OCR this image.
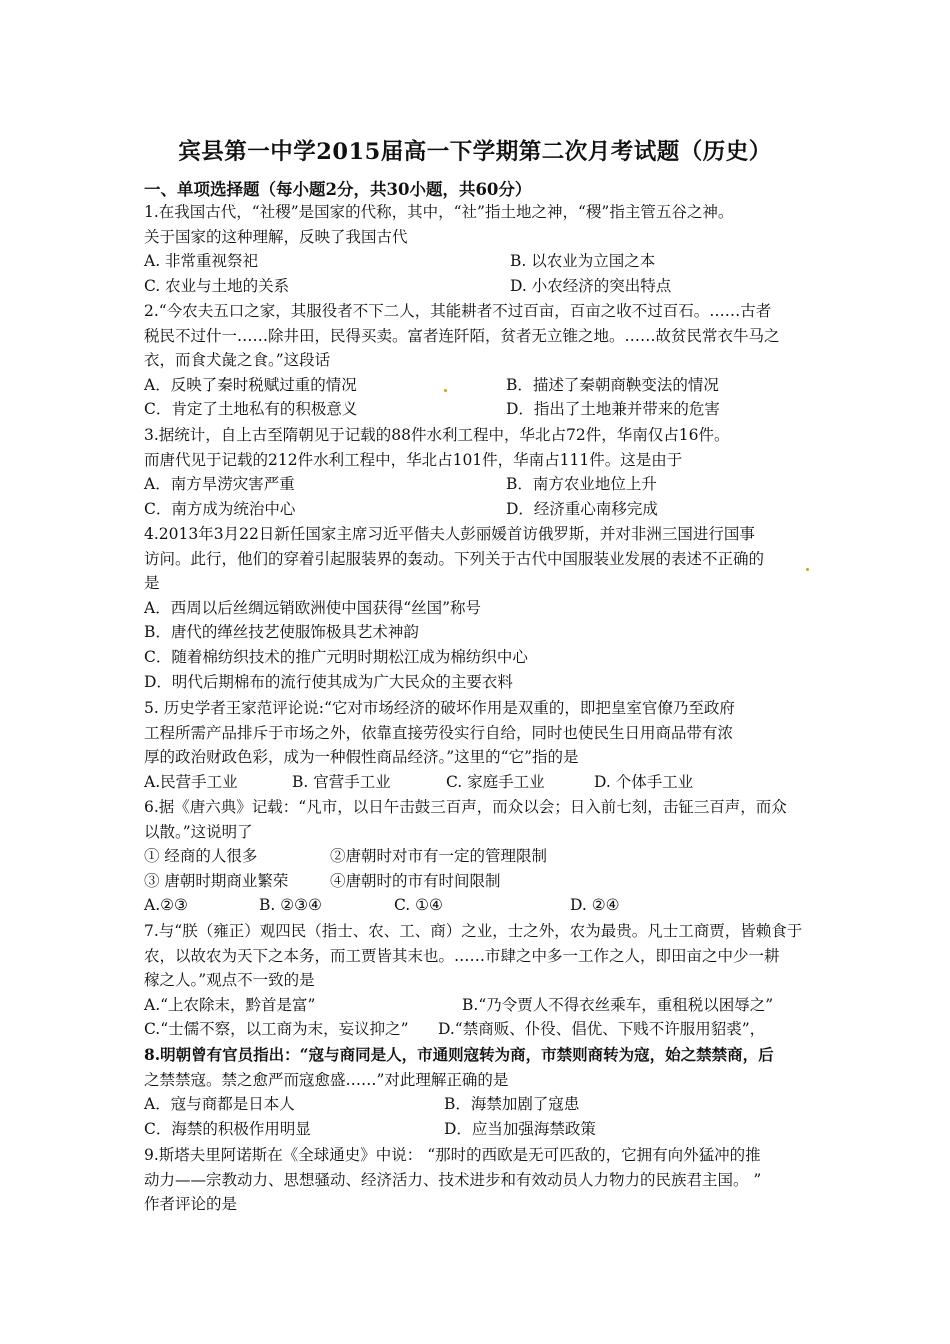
宾县第一中学2015届高一下学期第二次月考试题（历史）
一、单项选择题（每小题2分，共30小题，共60分）

1.在我国古代，“社稷”是国家的代称，其中，“社”指土地之神，“稷”指主管五谷之神。

关于国家的这种理解，反映了我国古代

A. 非常重视祭祀	B. 以农业为立国之本
C. 农业与土地的关系	D. 小农经济的突出特点

2.“今农夫五口之家，其服役者不下二人，其能耕者不过百亩，百亩之收不过百石。……古者

税民不过什一……除井田，民得买卖。富者连阡陌，贫者无立锥之地。……故贫民常衣牛马之

衣，而食犬彘之食。”这段话

A．反映了秦时税赋过重的情况	B．描述了秦朝商鞅变法的情况
C．肯定了土地私有的积极意义	D．指出了土地兼并带来的危害

3.据统计，自上古至隋朝见于记载的88件水利工程中，华北占72件，华南仅占16件。

而唐代见于记载的212件水利工程中，华北占101件，华南占111件。这是由于

A．南方旱涝灾害严重	B．南方农业地位上升
C．南方成为统治中心	D．经济重心南移完成

4.2013年3月22日新任国家主席习近平偕夫人彭丽媛首访俄罗斯，并对非洲三国进行国事

访问。此行，他们的穿着引起服装界的轰动。下列关于古代中国服装业发展的表述不正确的

是

A．西周以后丝绸远销欧洲使中国获得“丝国”称号

B．唐代的缂丝技艺使服饰极具艺术神韵

C．随着棉纺织技术的推广元明时期松江成为棉纺织中心

D．明代后期棉布的流行使其成为广大民众的主要衣料

5. 历史学者王家范评论说:“它对市场经济的破坏作用是双重的，即把皇室官僚乃至政府

工程所需产品排斥于市场之外，依靠直接劳役实行自给，同时也使民生日用商品带有浓

厚的政治财政色彩，成为一种假性商品经济。”这里的“它”指的是

A.民营手工业	B. 官营手工业	C. 家庭手工业	D. 个体手工业

6.据《唐六典》记载：“凡市，以日午击鼓三百声，而众以会；日入前七刻，击钲三百声，而众

以散。”这说明了

① 经商的人很多	②唐朝时对市有一定的管理限制
③ 唐朝时期商业繁荣	④唐朝时的市有时间限制
A.②③	B. ②③④	C. ①④	D. ②④

7.与“朕（雍正）观四民（指士、农、工、商）之业，士之外，农为最贵。凡士工商贾，皆赖食于

农，以故农为天下之本务，而工贾皆其末也。……市肆之中多一工作之人，即田亩之中少一耕

稼之人。”观点不一致的是

A.“上农除末，黔首是富”	B.“乃令贾人不得衣丝乘车，重租税以困辱之”
C.“士儒不察，以工商为末，妄议抑之” D.“禁商贩、仆役、倡优、下贱不许服用貂裘”，

8.明朝曾有官员指出：“寇与商同是人，市通则寇转为商，市禁则商转为寇，始之禁禁商，后

之禁禁寇。禁之愈严而寇愈盛……”对此理解正确的是

A．寇与商都是日本人	B．海禁加剧了寇患
C．海禁的积极作用明显	D．应当加强海禁政策

9.斯塔夫里阿诺斯在《全球通史》中说： “那时的西欧是无可匹敌的，它拥有向外猛冲的推

动力——宗教动力、思想骚动、经济活力、技术进步和有效动员人力物力的民族君主国。 ”

作者评论的是
